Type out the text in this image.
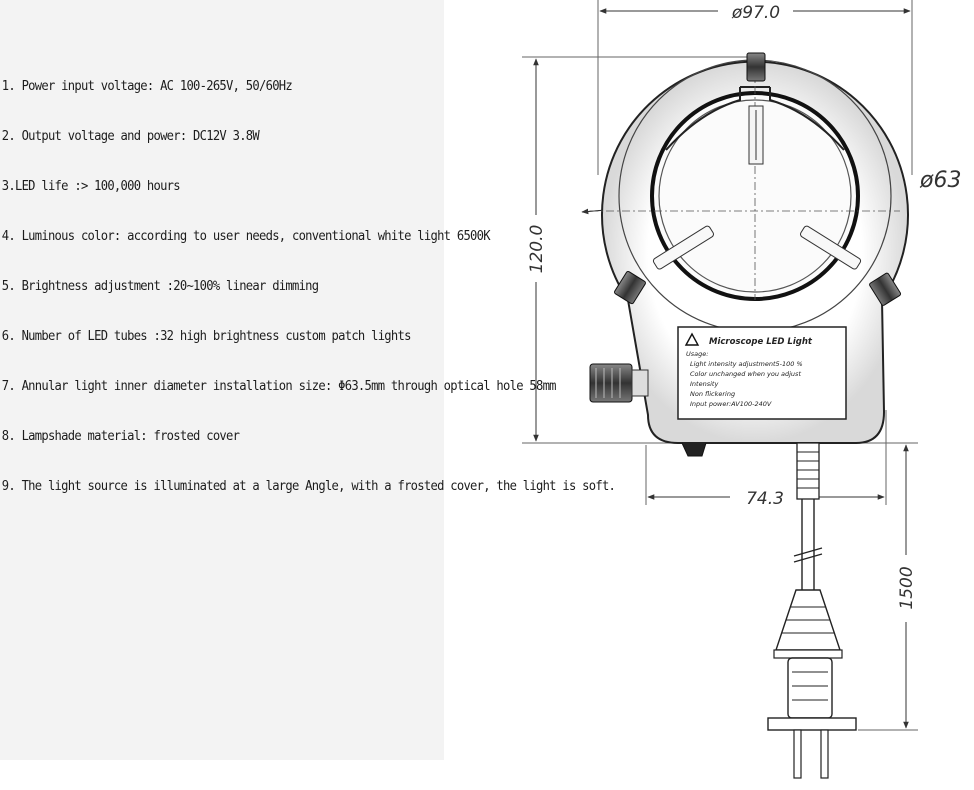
1. Power input voltage: AC 100-265V, 50/60Hz
2. Output voltage and power: DC12V 3.8W
3.LED life :> 100,000 hours
4. Luminous color: according to user needs, conventional white light 6500K
5. Brightness adjustment :20~100% linear dimming
6. Number of LED tubes :32 high brightness custom patch lights
7. Annular light inner diameter installation size: Φ63.5mm through optical hole 58mm
8. Lampshade material: frosted cover
9. The light source is illuminated at a large Angle, with a frosted cover, the light is soft.
ø97.0
120.0
ø63
74.3
1500
Microscope LED Light
Usage:
Light intensity adjustment5-100 %
Color unchanged when you adjust
Intensity
Non flickering
Input power:AV100-240V
